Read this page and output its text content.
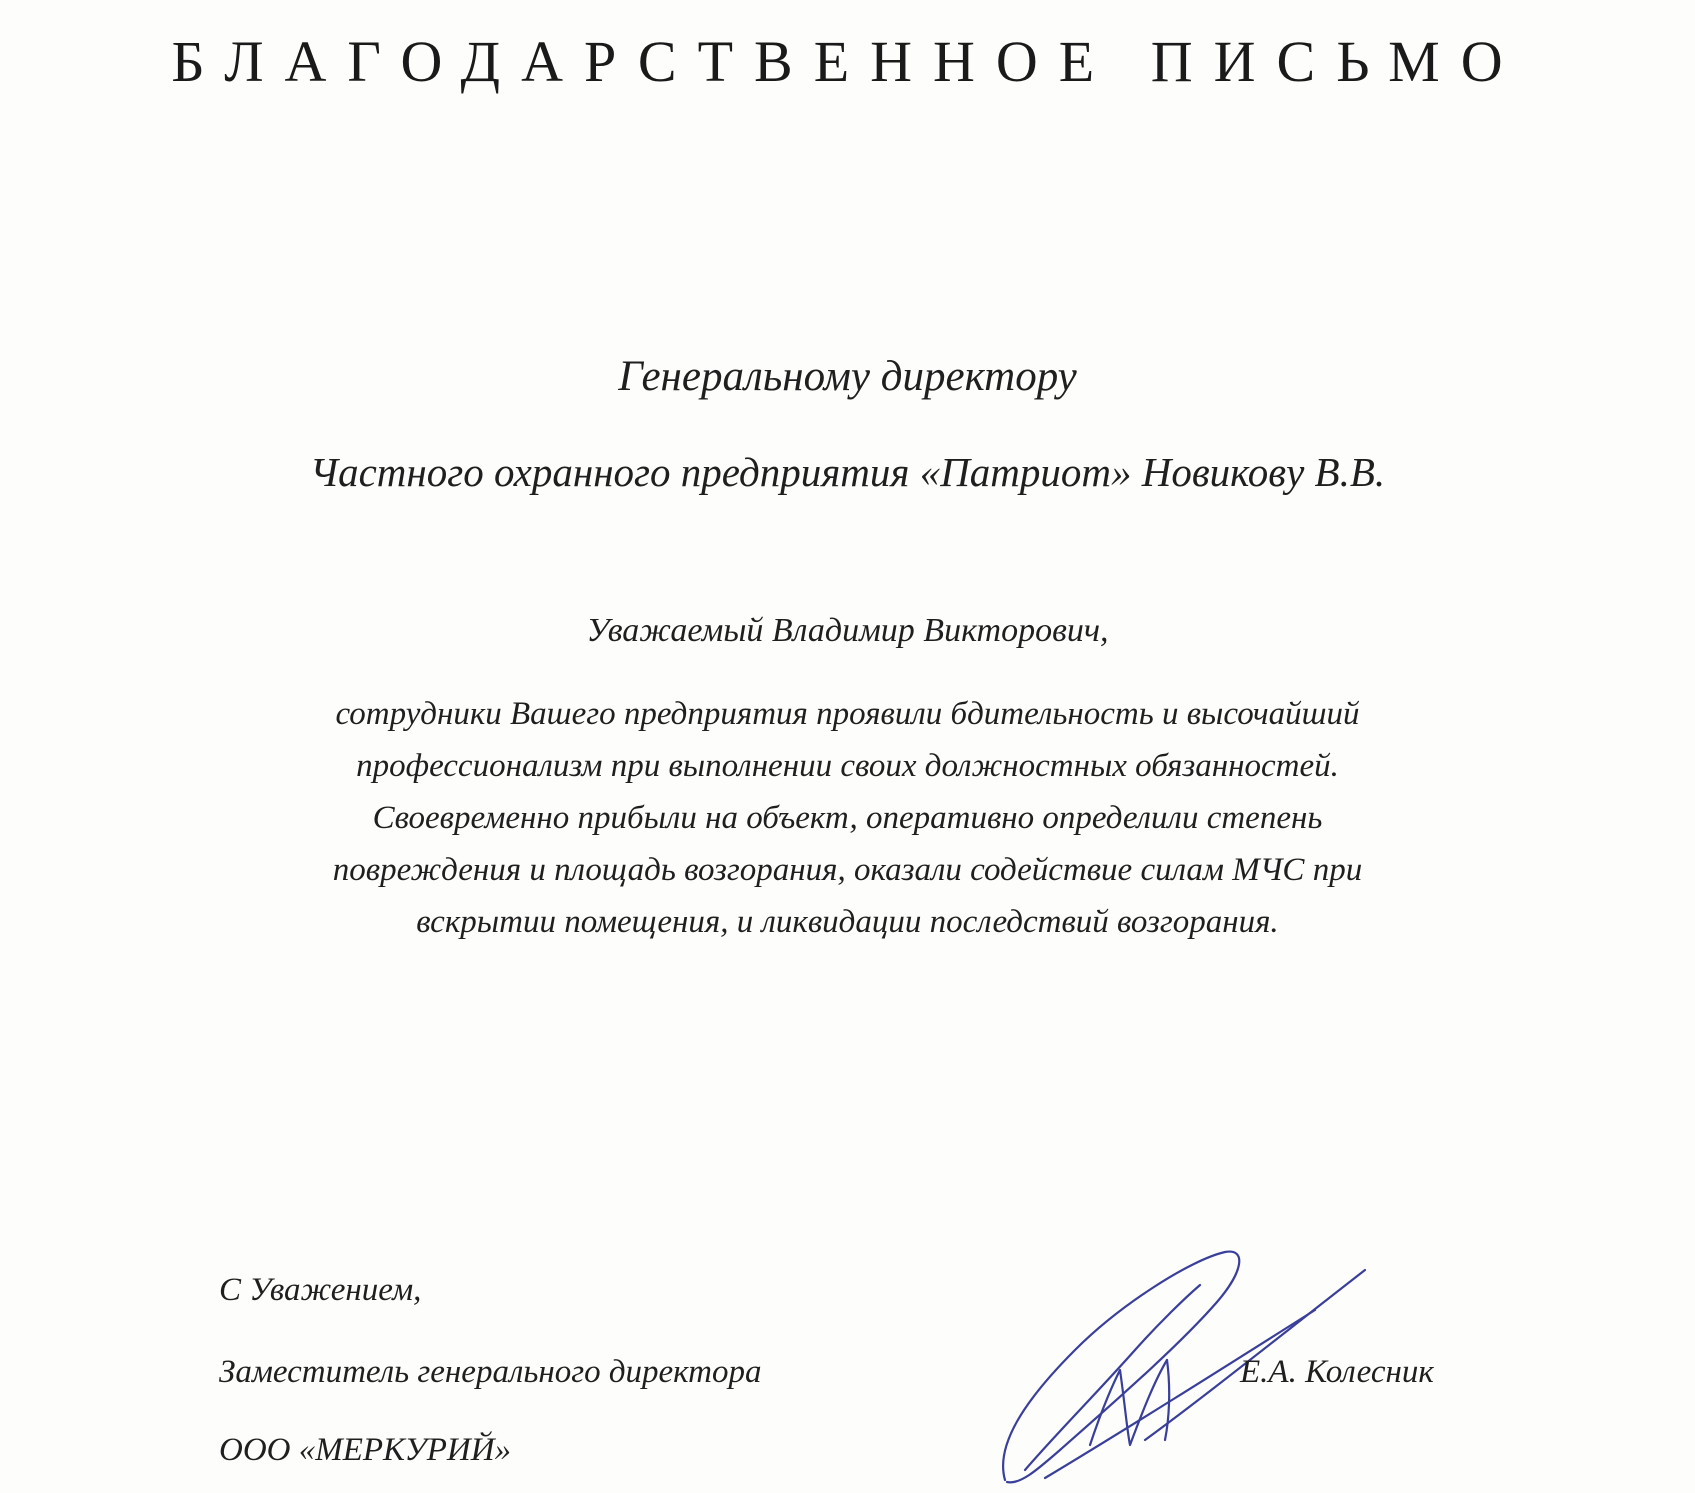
БЛАГОДАРСТВЕННОЕ ПИСЬМО
Генеральному директору
Частного охранного предприятия «Патриот» Новикову В.В.
Уважаемый Владимир Викторович,
сотрудники Вашего предприятия проявили бдительность и высочайший
профессионализм при выполнении своих должностных обязанностей.
Своевременно прибыли на объект, оперативно определили степень
повреждения и площадь возгорания, оказали содействие силам МЧС при
вскрытии помещения, и ликвидации последствий возгорания.
С Уважением,
Заместитель генерального директора
ООО «МЕРКУРИЙ»
Е.А. Колесник
